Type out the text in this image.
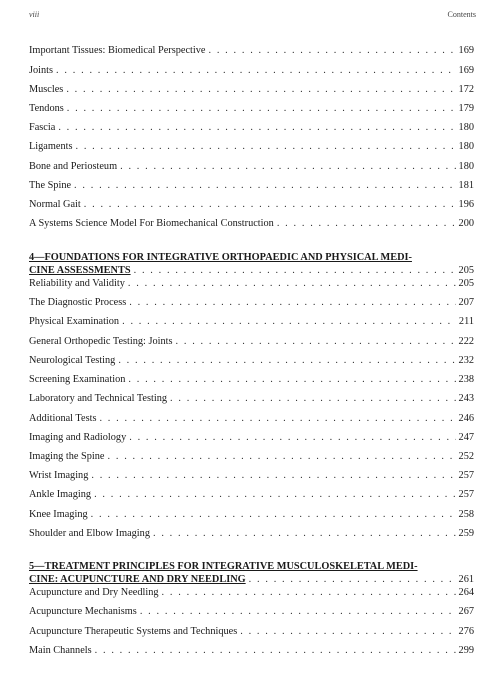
viii	Contents
Important Tissues: Biomedical Perspective . . .	169
Joints . . .	169
Muscles . . .	172
Tendons . . .	179
Fascia . . .	180
Ligaments . . .	180
Bone and Periosteum . . .	180
The Spine . . .	181
Normal Gait . . .	196
A Systems Science Model For Biomechanical Construction . . .	200
4—FOUNDATIONS FOR INTEGRATIVE ORTHOPAEDIC AND PHYSICAL MEDI-
CINE ASSESSMENTS . . .	205
Reliability and Validity . . .	205
The Diagnostic Process . . .	207
Physical Examination . . .	211
General Orthopedic Testing: Joints . . .	222
Neurological Testing . . .	232
Screening Examination . . .	238
Laboratory and Technical Testing . . .	243
Additional Tests . . .	246
Imaging and Radiology . . .	247
Imaging the Spine . . .	252
Wrist Imaging . . .	257
Ankle Imaging . . .	257
Knee Imaging . . .	258
Shoulder and Elbow Imaging . . .	259
5—TREATMENT PRINCIPLES FOR INTEGRATIVE MUSCULOSKELETAL MEDI-
CINE: ACUPUNCTURE AND DRY NEEDLING . . .	261
Acupuncture and Dry Needling . . .	264
Acupuncture Mechanisms . . .	267
Acupuncture Therapeutic Systems and Techniques . . .	276
Main Channels . . .	299
